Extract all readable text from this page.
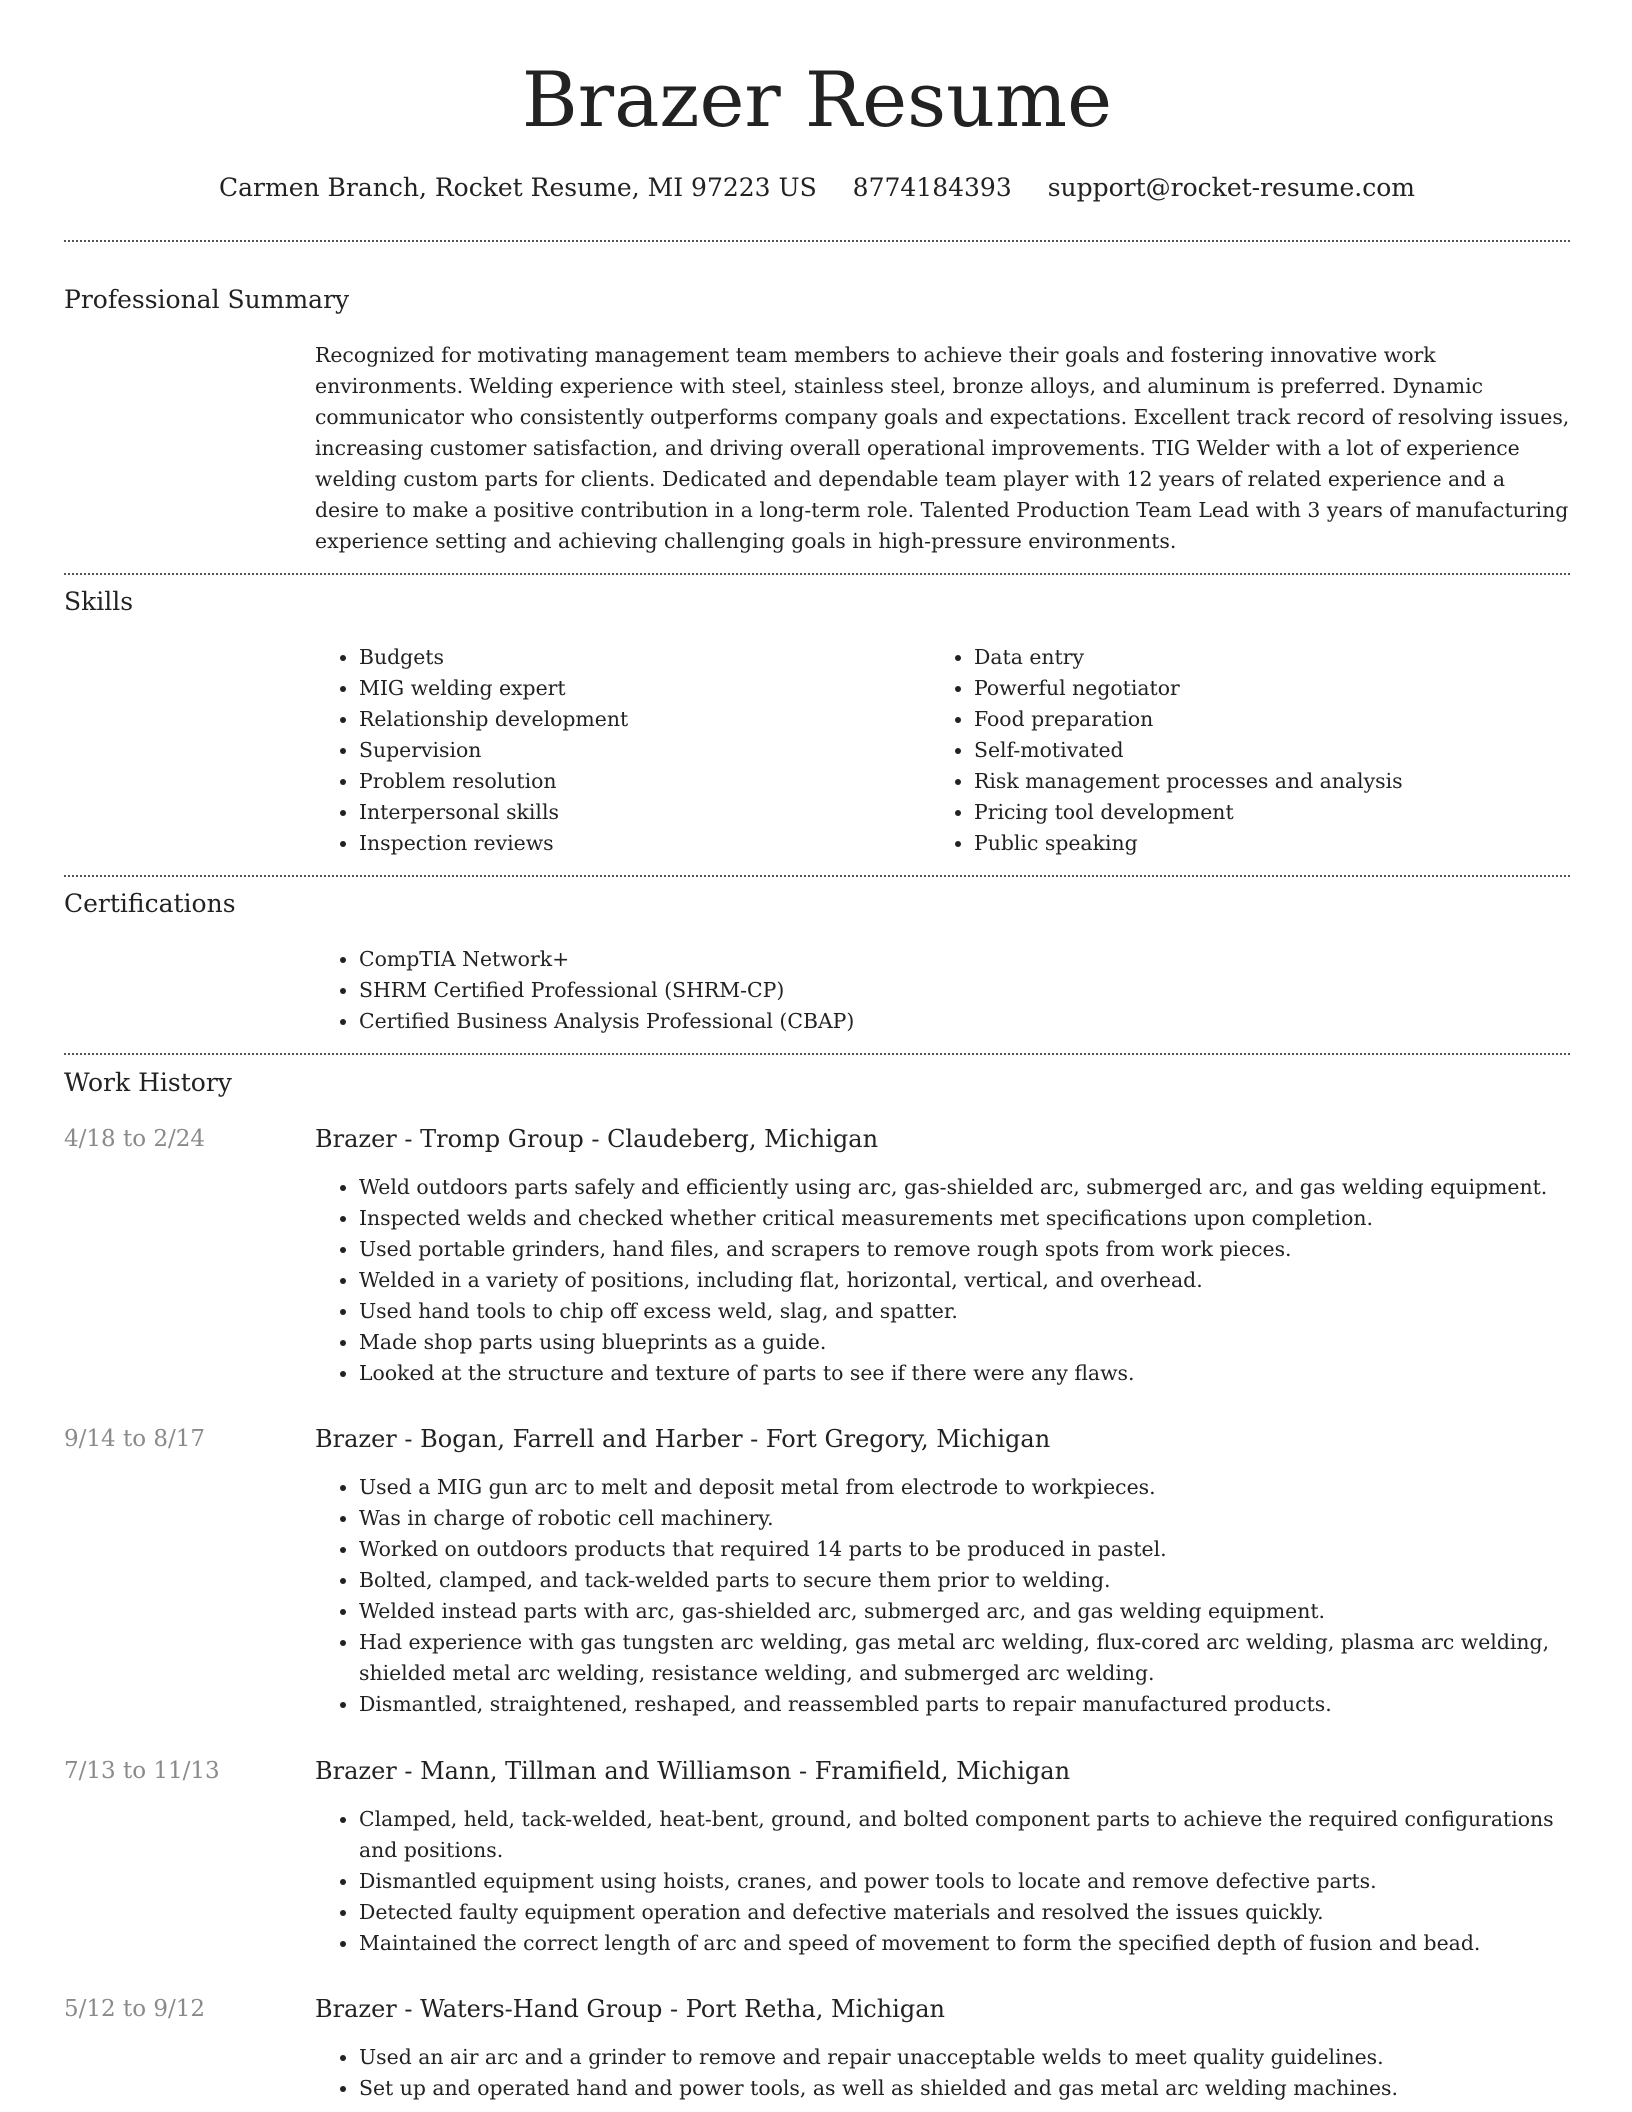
Brazer Resume
Carmen Branch, Rocket Resume, MI 97223 US 8774184393 support@rocket-resume.com
Professional Summary

Recognized for motivating management team members to achieve their goals and fostering innovative work environments. Welding experience with steel, stainless steel, bronze alloys, and aluminum is preferred. Dynamic communicator who consistently outperforms company goals and expectations. Excellent track record of resolving issues, increasing customer satisfaction, and driving overall operational improvements. TIG Welder with a lot of experience welding custom parts for clients. Dedicated and dependable team player with 12 years of related experience and a desire to make a positive contribution in a long-term role. Talented Production Team Lead with 3 years of manufacturing experience setting and achieving challenging goals in high-pressure environments.

Skills
• Budgets
• MIG welding expert
• Relationship development
• Supervision
• Problem resolution
• Interpersonal skills
• Inspection reviews
• Data entry
• Powerful negotiator
• Food preparation
• Self-motivated
• Risk management processes and analysis
• Pricing tool development
• Public speaking
Certifications
• CompTIA Network+
• SHRM Certified Professional (SHRM-CP)
• Certified Business Analysis Professional (CBAP)
Work History
4/18 to 2/24	Brazer - Tromp Group - Claudeberg, Michigan
• Weld outdoors parts safely and efficiently using arc, gas-shielded arc, submerged arc, and gas welding equipment.
• Inspected welds and checked whether critical measurements met specifications upon completion.
• Used portable grinders, hand files, and scrapers to remove rough spots from work pieces.
• Welded in a variety of positions, including flat, horizontal, vertical, and overhead.
• Used hand tools to chip off excess weld, slag, and spatter.
• Made shop parts using blueprints as a guide.
• Looked at the structure and texture of parts to see if there were any flaws.
9/14 to 8/17	Brazer - Bogan, Farrell and Harber - Fort Gregory, Michigan
• Used a MIG gun arc to melt and deposit metal from electrode to workpieces.
• Was in charge of robotic cell machinery.
• Worked on outdoors products that required 14 parts to be produced in pastel.
• Bolted, clamped, and tack-welded parts to secure them prior to welding.
• Welded instead parts with arc, gas-shielded arc, submerged arc, and gas welding equipment.
• Had experience with gas tungsten arc welding, gas metal arc welding, flux-cored arc welding, plasma arc welding, shielded metal arc welding, resistance welding, and submerged arc welding.
• Dismantled, straightened, reshaped, and reassembled parts to repair manufactured products.
7/13 to 11/13	Brazer - Mann, Tillman and Williamson - Framifield, Michigan
• Clamped, held, tack-welded, heat-bent, ground, and bolted component parts to achieve the required configurations and positions.
• Dismantled equipment using hoists, cranes, and power tools to locate and remove defective parts.
• Detected faulty equipment operation and defective materials and resolved the issues quickly.
• Maintained the correct length of arc and speed of movement to form the specified depth of fusion and bead.
5/12 to 9/12	Brazer - Waters-Hand Group - Port Retha, Michigan
• Used an air arc and a grinder to remove and repair unacceptable welds to meet quality guidelines.
• Set up and operated hand and power tools, as well as shielded and gas metal arc welding machines.
